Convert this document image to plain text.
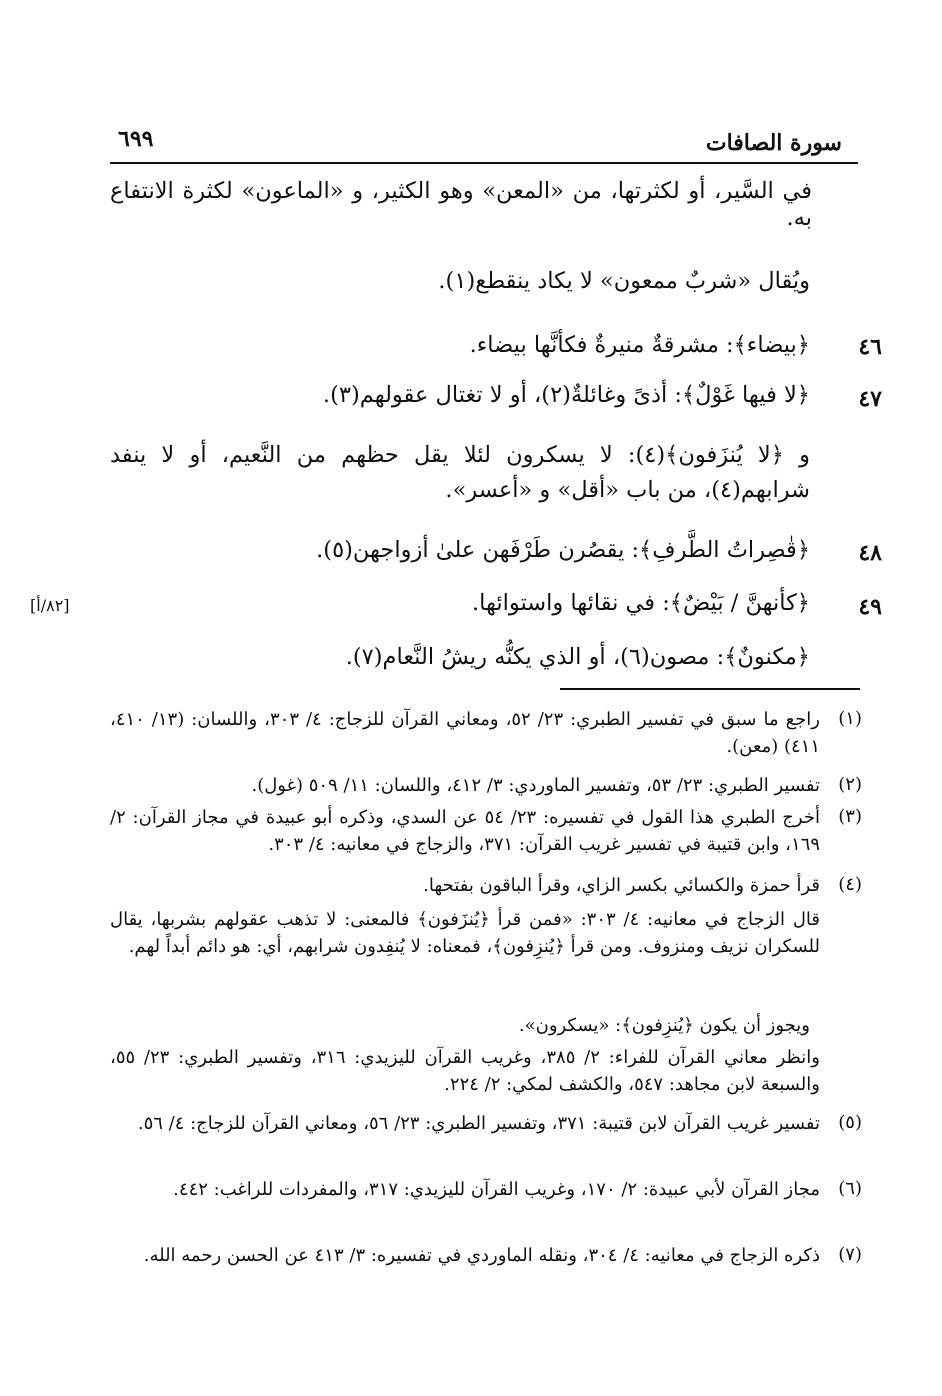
سورة الصافات
٦٩٩
في السَّير، أو لكثرتها، من «المعن» وهو الكثير، و «الماعون» لكثرة الانتفاع به.
ويُقال «شربٌ ممعون» لا يكاد ينقطع(١).
٤٦
﴿بيضاء﴾: مشرقةٌ منيرةٌ فكأنَّها بيضاء.
٤٧
﴿لا فيها غَوْلٌ﴾: أذىً وغائلةٌ(٢)، أو لا تغتال عقولهم(٣).
و ﴿لا يُنزَفون﴾(٤): لا يسكرون لئلا يقل حظهم من النَّعيم، أو لا ينفد شرابهم(٤)، من باب «أقل» و «أعسر».
٤٨
﴿قٰصِراتُ الطَّرفِ﴾: يقصُرن طَرْفَهن علىٰ أزواجهن(٥).
٤٩
﴿كأنهنَّ / بَيْضٌ﴾: في نقائها واستوائها.
[٨٢/أ]
﴿مكنونٌ﴾: مصون(٦)، أو الذي يكنُّه ريشُ النَّعام(٧).
(١)
راجع ما سبق في تفسير الطبري: ٢٣/ ٥٢، ومعاني القرآن للزجاج: ٤/ ٣٠٣، واللسان: (١٣/ ٤١٠، ٤١١) (معن).
(٢)
تفسير الطبري: ٢٣/ ٥٣، وتفسير الماوردي: ٣/ ٤١٢، واللسان: ١١/ ٥٠٩ (غول).
(٣)
أخرج الطبري هذا القول في تفسيره: ٢٣/ ٥٤ عن السدي، وذكره أبو عبيدة في مجاز القرآن: ٢/ ١٦٩، وابن قتيبة في تفسير غريب القرآن: ٣٧١، والزجاج في معانيه: ٤/ ٣٠٣.
(٤)
قرأ حمزة والكسائي بكسر الزاي، وقرأ الباقون بفتحها.
قال الزجاج في معانيه: ٤/ ٣٠٣: «فمن قرأ ﴿يُنزَفون﴾ فالمعنى: لا تذهب عقولهم بشربها، يقال للسكران نزيف ومنزوف. ومن قرأ ﴿يُنزِفون﴾، فمعناه: لا يُنفِدون شرابهم، أي: هو دائم أبداً لهم.
ويجوز أن يكون ﴿يُنزِفون﴾: «يسكرون».
وانظر معاني القرآن للفراء: ٢/ ٣٨٥، وغريب القرآن لليزيدي: ٣١٦، وتفسير الطبري: ٢٣/ ٥٥، والسبعة لابن مجاهد: ٥٤٧، والكشف لمكي: ٢/ ٢٢٤.
(٥)
تفسير غريب القرآن لابن قتيبة: ٣٧١، وتفسير الطبري: ٢٣/ ٥٦، ومعاني القرآن للزجاج: ٤/ ٥٦.
(٦)
مجاز القرآن لأبي عبيدة: ٢/ ١٧٠، وغريب القرآن لليزيدي: ٣١٧، والمفردات للراغب: ٤٤٢.
(٧)
ذكره الزجاج في معانيه: ٤/ ٣٠٤، ونقله الماوردي في تفسيره: ٣/ ٤١٣ عن الحسن رحمه الله.
